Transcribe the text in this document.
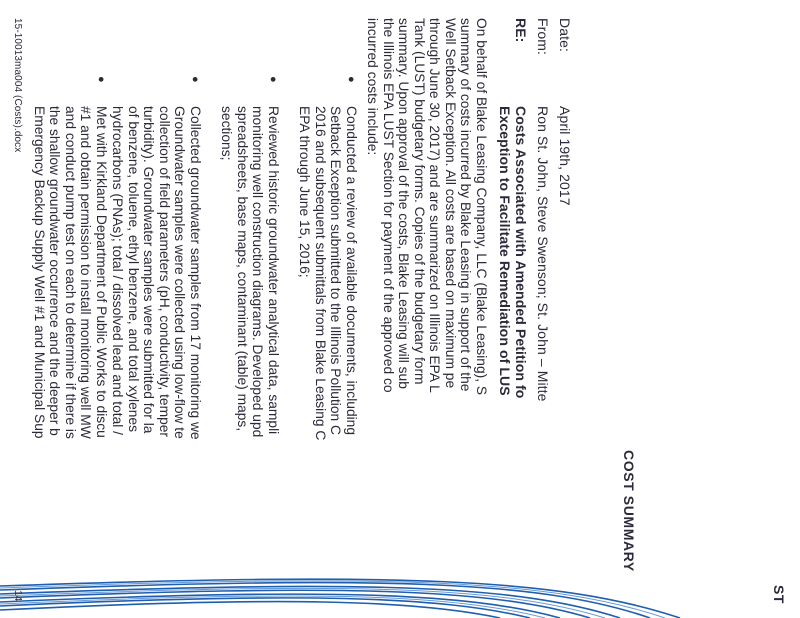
COST SUMMARY
ST
Date:
April 19th, 2017
From:
Ron St. John, Steve Swenson; St. John – Mitte
RE:
Costs Associated with Amended Petition fo
Exception to Facilitate Remediation of LUS
On behalf of Blake Leasing Company, LLC (Blake Leasing), S
summary of costs incurred by Blake Leasing in support of the
Well Setback Exception. All costs are based on maximum pe
through June 30, 2017) and are summarized on Illinois EPA L
Tank (LUST) budgetary forms. Copies of the budgetary form
summary. Upon approval of the costs, Blake Leasing will sub
the Illinois EPA LUST Section for payment of the approved co
incurred costs include:
●
Conducted a review of available documents, including
Setback Exception submitted to the Illinois Pollution C
2016 and subsequent submittals from Blake Leasing C
EPA through June 15, 2016;
●
Reviewed historic groundwater analytical data, sampli
monitoring well construction diagrams. Developed upd
spreadsheets, base maps, contaminant (table) maps,
sections;
●
Collected groundwater samples from 17 monitoring we
Groundwater samples were collected using low-flow te
collection of field parameters (pH, conductivity, temper
turbidity). Groundwater samples were submitted for la
of benzene, toluene, ethyl benzene, and total xylenes
hydrocarbons (PNAs); total / dissolved lead and total /
●
Met with Kirkland Department of Public Works to discu
#1 and obtain permission to install monitoring well MW
and conduct pump test on each to determine if there is
the shallow groundwater occurrence and the deeper b
Emergency Backup Supply Well #1 and Municipal Sup
15-10013ma004 (Costs).docx
14
